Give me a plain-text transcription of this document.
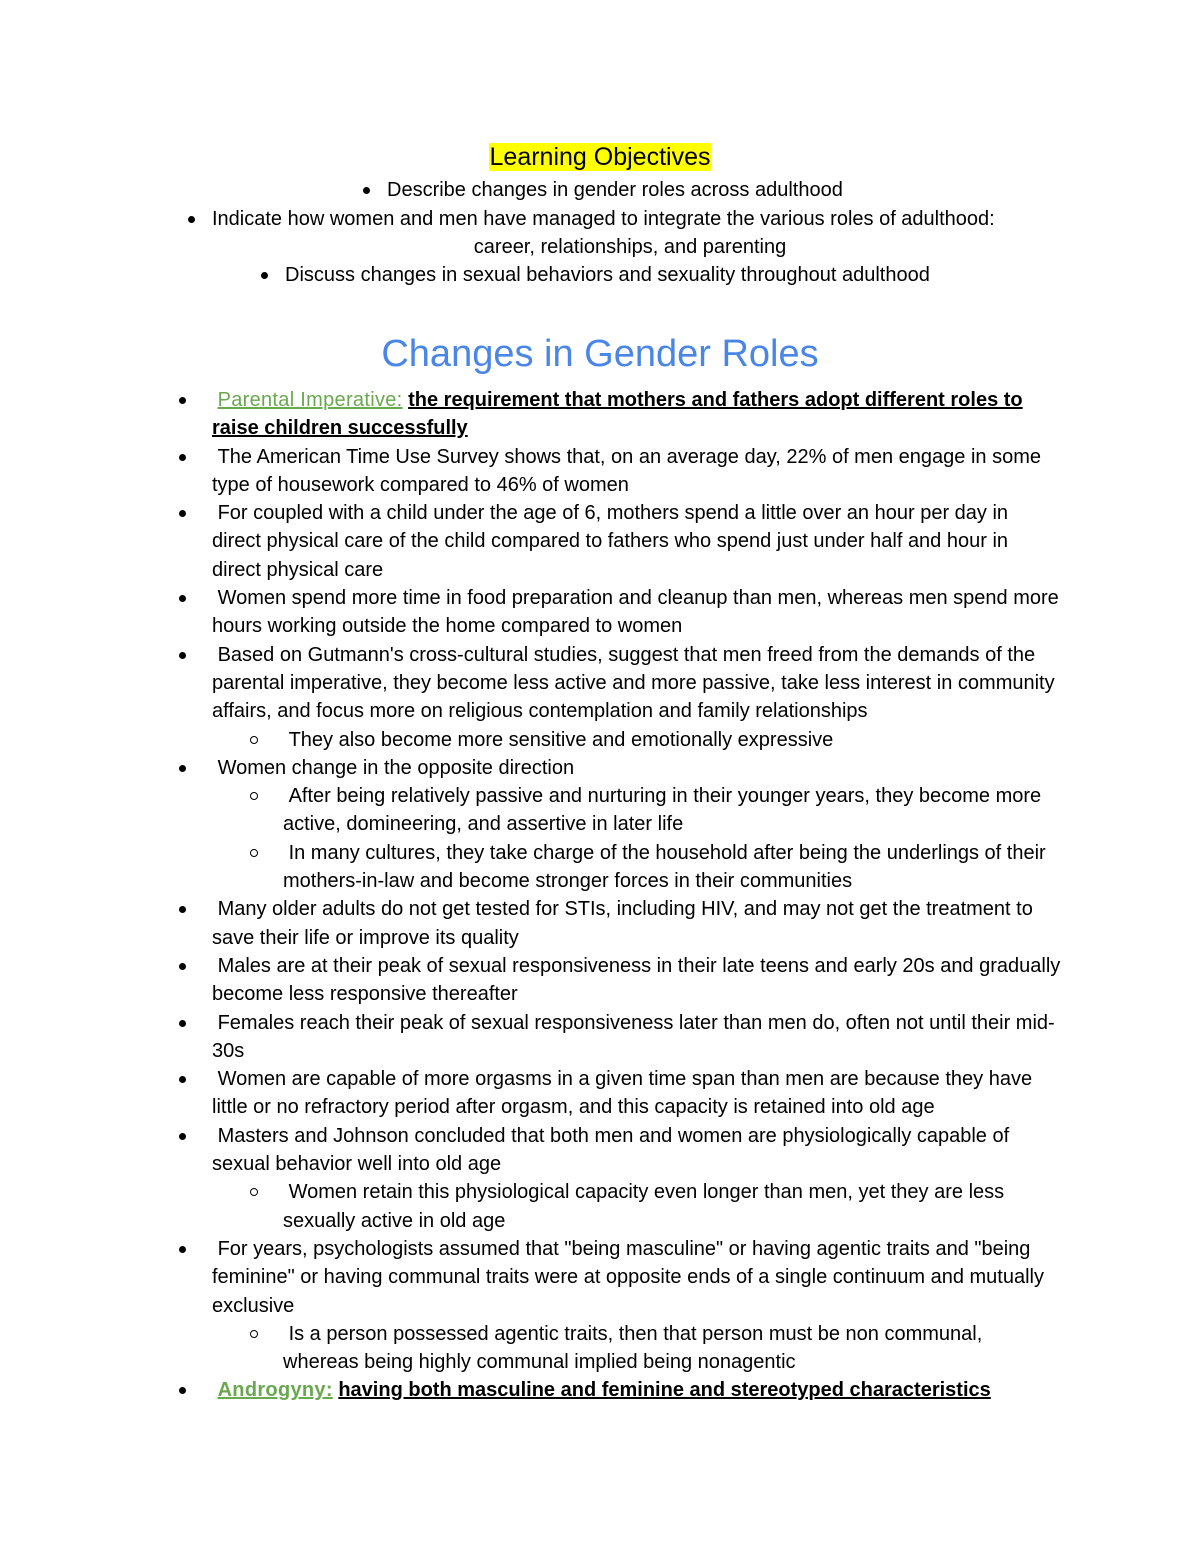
Learning Objectives
Describe changes in gender roles across adulthood
Indicate how women and men have managed to integrate the various roles of adulthood:
career, relationships, and parenting
Discuss changes in sexual behaviors and sexuality throughout adulthood
Changes in Gender Roles
Parental Imperative: the requirement that mothers and fathers adopt different roles to raise children successfully
The American Time Use Survey shows that, on an average day, 22% of men engage in some type of housework compared to 46% of women
For coupled with a child under the age of 6, mothers spend a little over an hour per day in direct physical care of the child compared to fathers who spend just under half and hour in direct physical care
Women spend more time in food preparation and cleanup than men, whereas men spend more hours working outside the home compared to women
Based on Gutmann's cross-cultural studies, suggest that men freed from the demands of the parental imperative, they become less active and more passive, take less interest in community affairs, and focus more on religious contemplation and family relationships
They also become more sensitive and emotionally expressive
Women change in the opposite direction
After being relatively passive and nurturing in their younger years, they become more active, domineering, and assertive in later life
In many cultures, they take charge of the household after being the underlings of their mothers-in-law and become stronger forces in their communities
Many older adults do not get tested for STIs, including HIV, and may not get the treatment to save their life or improve its quality
Males are at their peak of sexual responsiveness in their late teens and early 20s and gradually become less responsive thereafter
Females reach their peak of sexual responsiveness later than men do, often not until their mid-30s
Women are capable of more orgasms in a given time span than men are because they have little or no refractory period after orgasm, and this capacity is retained into old age
Masters and Johnson concluded that both men and women are physiologically capable of sexual behavior well into old age
Women retain this physiological capacity even longer than men, yet they are less sexually active in old age
For years, psychologists assumed that "being masculine" or having agentic traits and "being feminine" or having communal traits were at opposite ends of a single continuum and mutually exclusive
Is a person possessed agentic traits, then that person must be non communal, whereas being highly communal implied being nonagentic
Androgyny: having both masculine and feminine and stereotyped characteristics
